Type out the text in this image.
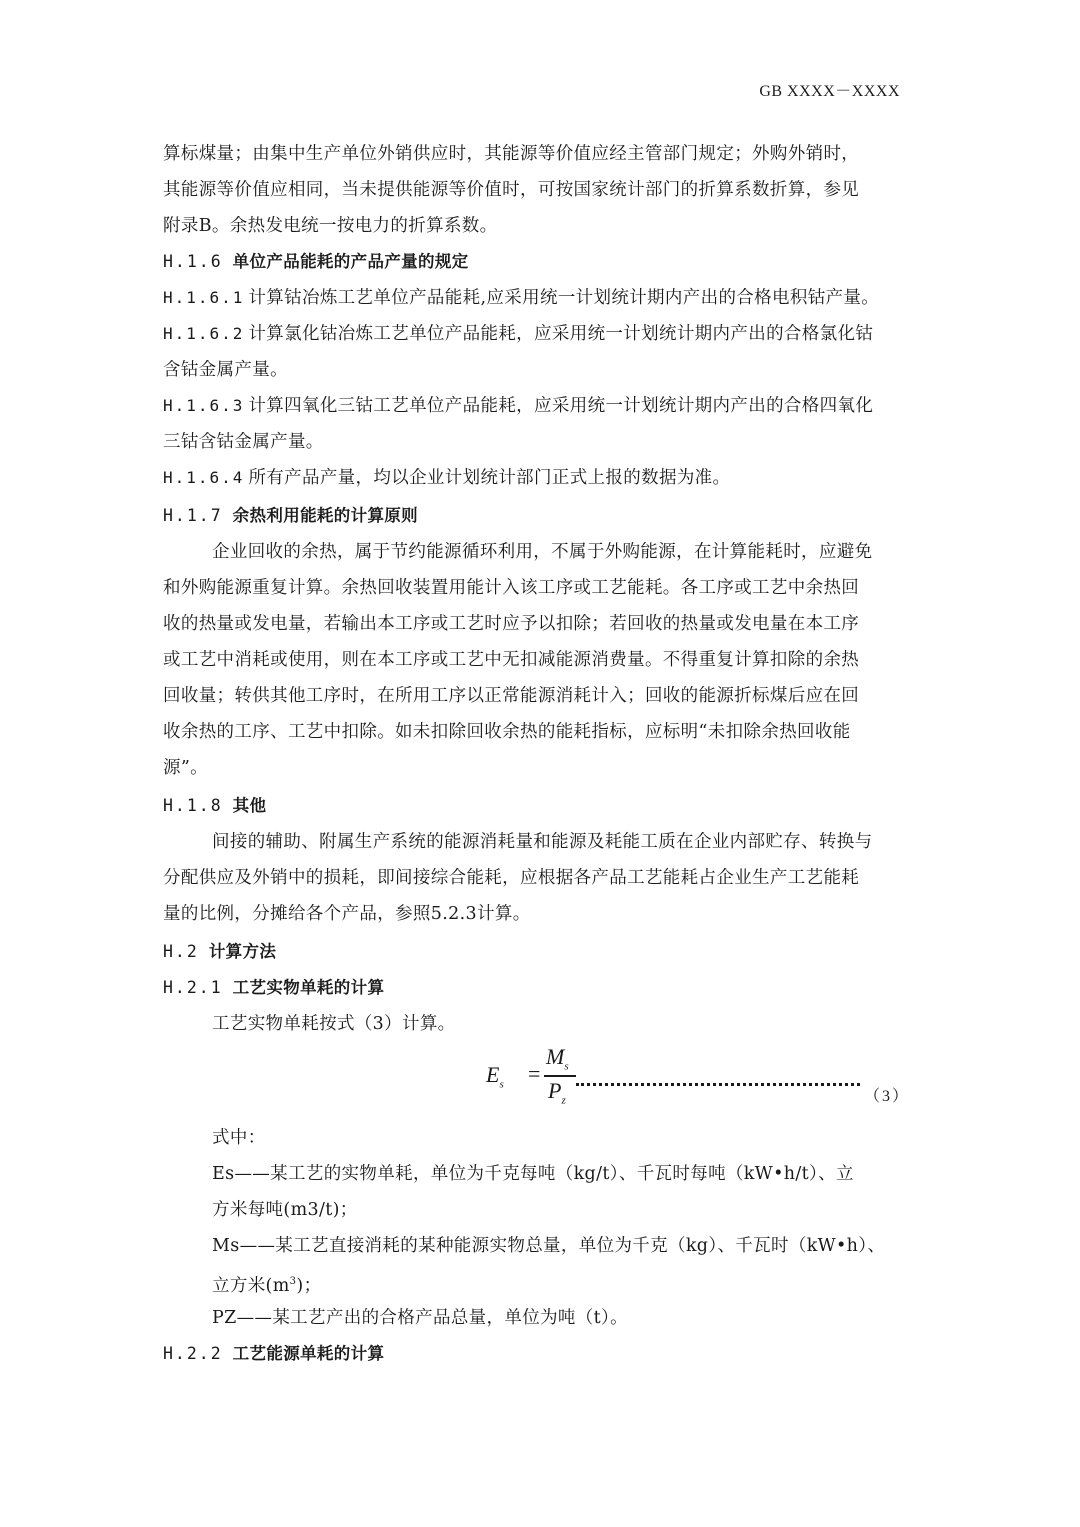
GB XXXX－XXXX
算标煤量；由集中生产单位外销供应时，其能源等价值应经主管部门规定；外购外销时，
其能源等价值应相同，当未提供能源等价值时，可按国家统计部门的折算系数折算，参见
附录B。余热发电统一按电力的折算系数。
H.1.6 单位产品能耗的产品产量的规定
H.1.6.1 计算钴冶炼工艺单位产品能耗,应采用统一计划统计期内产出的合格电积钴产量。
H.1.6.2 计算氯化钴冶炼工艺单位产品能耗，应采用统一计划统计期内产出的合格氯化钴
含钴金属产量。
H.1.6.3 计算四氧化三钴工艺单位产品能耗，应采用统一计划统计期内产出的合格四氧化
三钴含钴金属产量。
H.1.6.4 所有产品产量，均以企业计划统计部门正式上报的数据为准。
H.1.7 余热利用能耗的计算原则
企业回收的余热，属于节约能源循环利用，不属于外购能源，在计算能耗时，应避免
和外购能源重复计算。余热回收装置用能计入该工序或工艺能耗。各工序或工艺中余热回
收的热量或发电量，若输出本工序或工艺时应予以扣除；若回收的热量或发电量在本工序
或工艺中消耗或使用，则在本工序或工艺中无扣减能源消费量。不得重复计算扣除的余热
回收量；转供其他工序时，在所用工序以正常能源消耗计入；回收的能源折标煤后应在回
收余热的工序、工艺中扣除。如未扣除回收余热的能耗指标，应标明“未扣除余热回收能
源”。
H.1.8 其他
间接的辅助、附属生产系统的能源消耗量和能源及耗能工质在企业内部贮存、转换与
分配供应及外销中的损耗，即间接综合能耗，应根据各产品工艺能耗占企业生产工艺能耗
量的比例，分摊给各个产品，参照5.2.3计算。
H.2 计算方法
H.2.1 工艺实物单耗的计算
工艺实物单耗按式（3）计算。
$E_s$ =
$M_s$
$P_z$	（3）
式中：
Es——某工艺的实物单耗，单位为千克每吨（kg/t）、千瓦时每吨（kW•h/t）、立
方米每吨(m3/t)；
Ms——某工艺直接消耗的某种能源实物总量，单位为千克（kg）、千瓦时（kW•h）、
立方米$(m^3)$；
PZ——某工艺产出的合格产品总量，单位为吨（t）。
H.2.2 工艺能源单耗的计算
